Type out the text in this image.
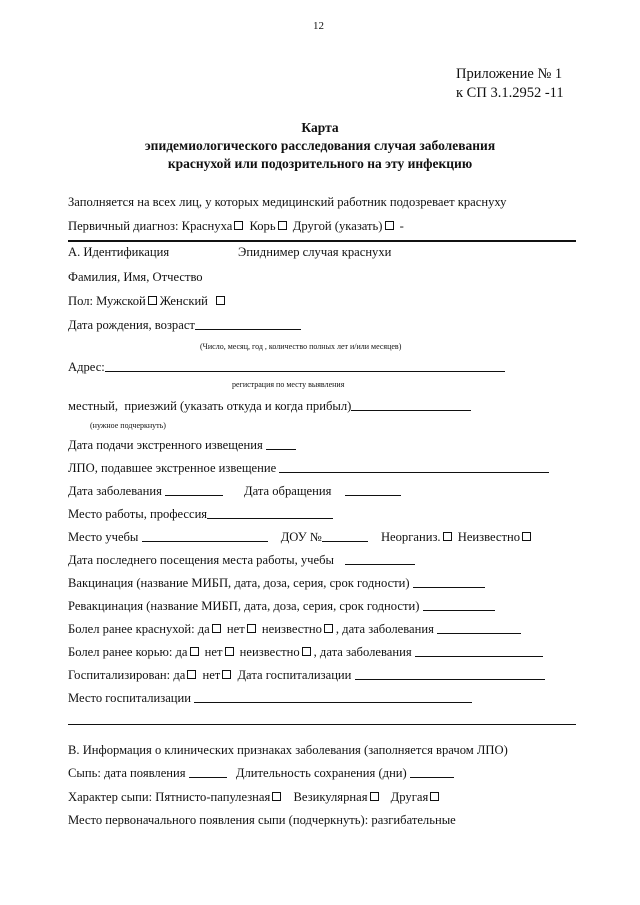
12
Приложение № 1
к СП 3.1.2952 -11
Карта
эпидемиологического расследования случая заболевания
краснухой или подозрительного на эту инфекцию
Заполняется на всех лиц, у которых медицинский работник подозревает краснуху
Первичный диагноз: Краснуха Корь Другой (указать) -
А. Идентификация	Эпиднимер случая краснухи
Фамилия, Имя, Отчество
Пол: Мужской Женский
Дата рождения, возраст
(Число, месяц, год , количество полных лет и/или месяцев)
Адрес:
регистрация по месту выявления
местный, приезжий (указать откуда и когда прибыл)
(нужное подчеркнуть)
Дата подачи экстренного извещения
ЛПО, подавшее экстренное извещение
Дата заболевания	Дата обращения
Место работы, профессия
Место учебы	ДОУ №	Неорганиз. Неизвестно
Дата последнего посещения места работы, учебы
Вакцинация (название МИБП, дата, доза, серия, срок годности)
Ревакцинация (название МИБП, дата, доза, серия, срок годности)
Болел ранее краснухой: да нет неизвестно , дата заболевания
Болел ранее корью: да нет неизвестно , дата заболевания
Госпитализирован: да нет Дата госпитализации
Место госпитализации
В. Информация о клинических признаках заболевания (заполняется врачом ЛПО)
Сыпь: дата появления	Длительность сохранения (дни)
Характер сыпи: Пятнисто-папулезная Везикулярная Другая
Место первоначального появления сыпи (подчеркнуть): разгибательные
